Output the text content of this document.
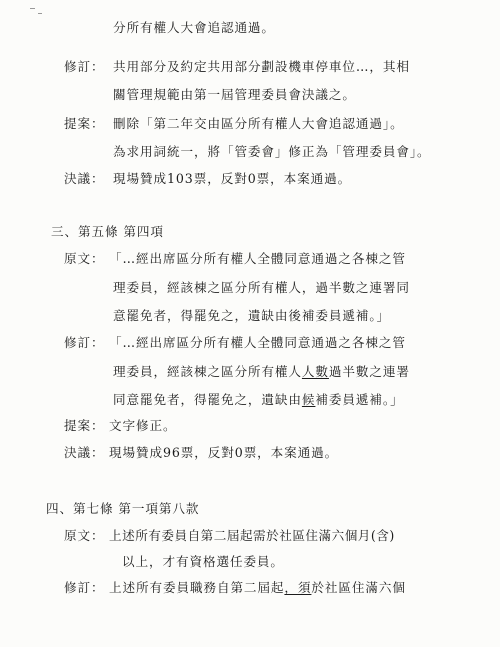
分所有權人大會追認通過。
修訂： 共用部分及約定共用部分劃設機車停車位…，其相
關管理規範由第一屆管理委員會決議之。
提案： 刪除「第二年交由區分所有權人大會追認通過」。
為求用詞統一，將「管委會」修正為「管理委員會」。
決議： 現場贊成103票，反對0票，本案通過。
三、第五條 第四項
原文： 「…經出席區分所有權人全體同意通過之各棟之管
理委員，經該棟之區分所有權人，過半數之連署同
意罷免者，得罷免之，遺缺由後補委員遞補。」
修訂： 「…經出席區分所有權人全體同意通過之各棟之管
理委員，經該棟之區分所有權人人數過半數之連署
同意罷免者，得罷免之，遺缺由候補委員遞補。」
提案： 文字修正。
決議： 現場贊成96票，反對0票，本案通過。
四、第七條 第一項第八款
原文： 上述所有委員自第二屆起需於社區住滿六個月(含)
以上，才有資格選任委員。
修訂： 上述所有委員職務自第二屆起，須於社區住滿六個
